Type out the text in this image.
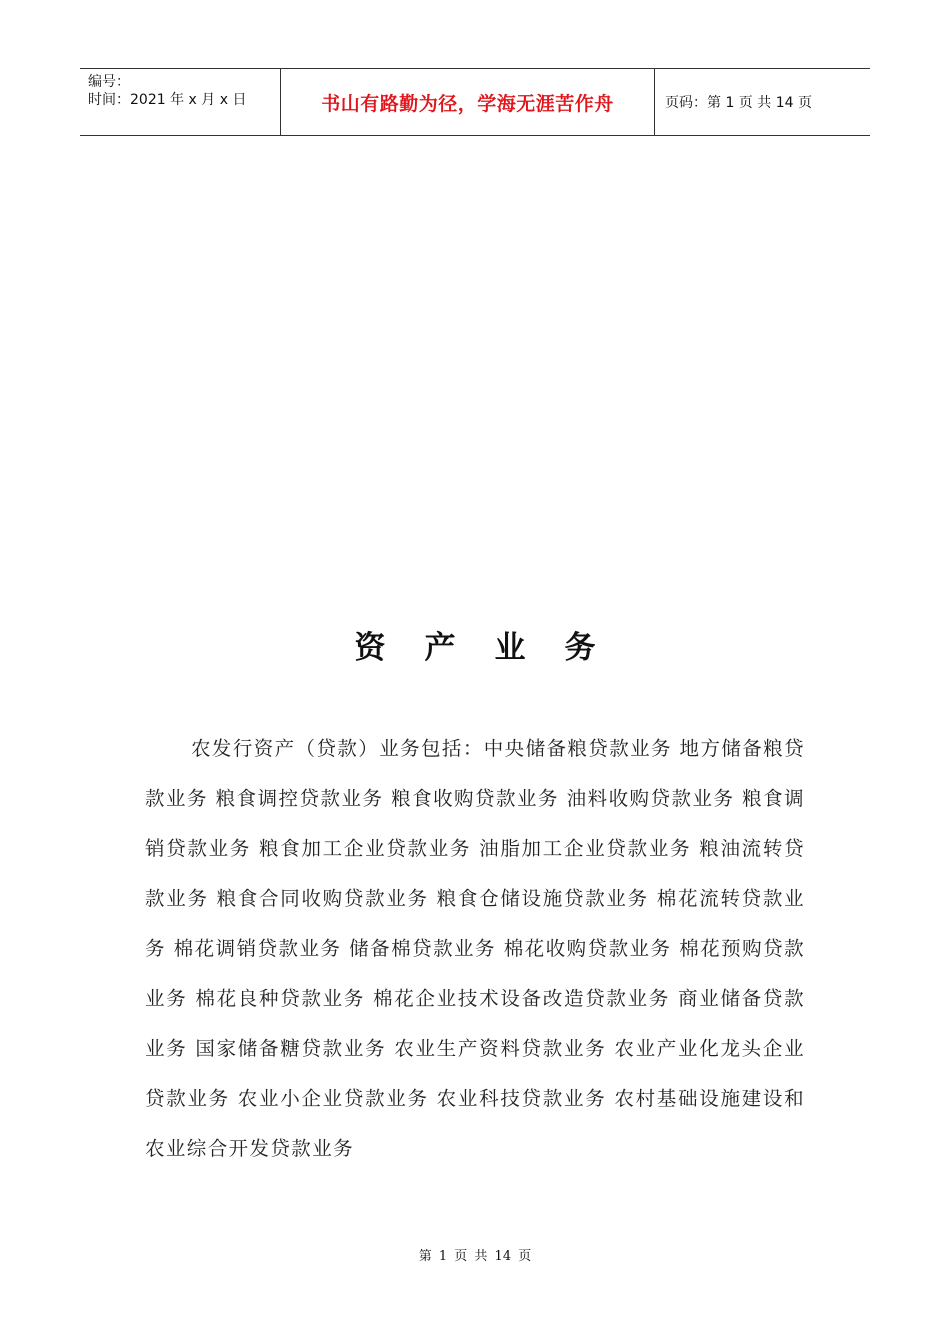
编号：
时间：2021 年 x 月 x 日	书山有路勤为径，学海无涯苦作舟	页码：第 1 页 共 14 页
资产业务
农发行资产（贷款）业务包括：中央储备粮贷款业务 地方储备粮贷款业务 粮食调控贷款业务 粮食收购贷款业务 油料收购贷款业务 粮食调销贷款业务 粮食加工企业贷款业务 油脂加工企业贷款业务 粮油流转贷款业务 粮食合同收购贷款业务 粮食仓储设施贷款业务 棉花流转贷款业务 棉花调销贷款业务 储备棉贷款业务 棉花收购贷款业务 棉花预购贷款业务 棉花良种贷款业务 棉花企业技术设备改造贷款业务 商业储备贷款业务 国家储备糖贷款业务 农业生产资料贷款业务 农业产业化龙头企业贷款业务 农业小企业贷款业务 农业科技贷款业务 农村基础设施建设和农业综合开发贷款业务
第 1 页 共 14 页
